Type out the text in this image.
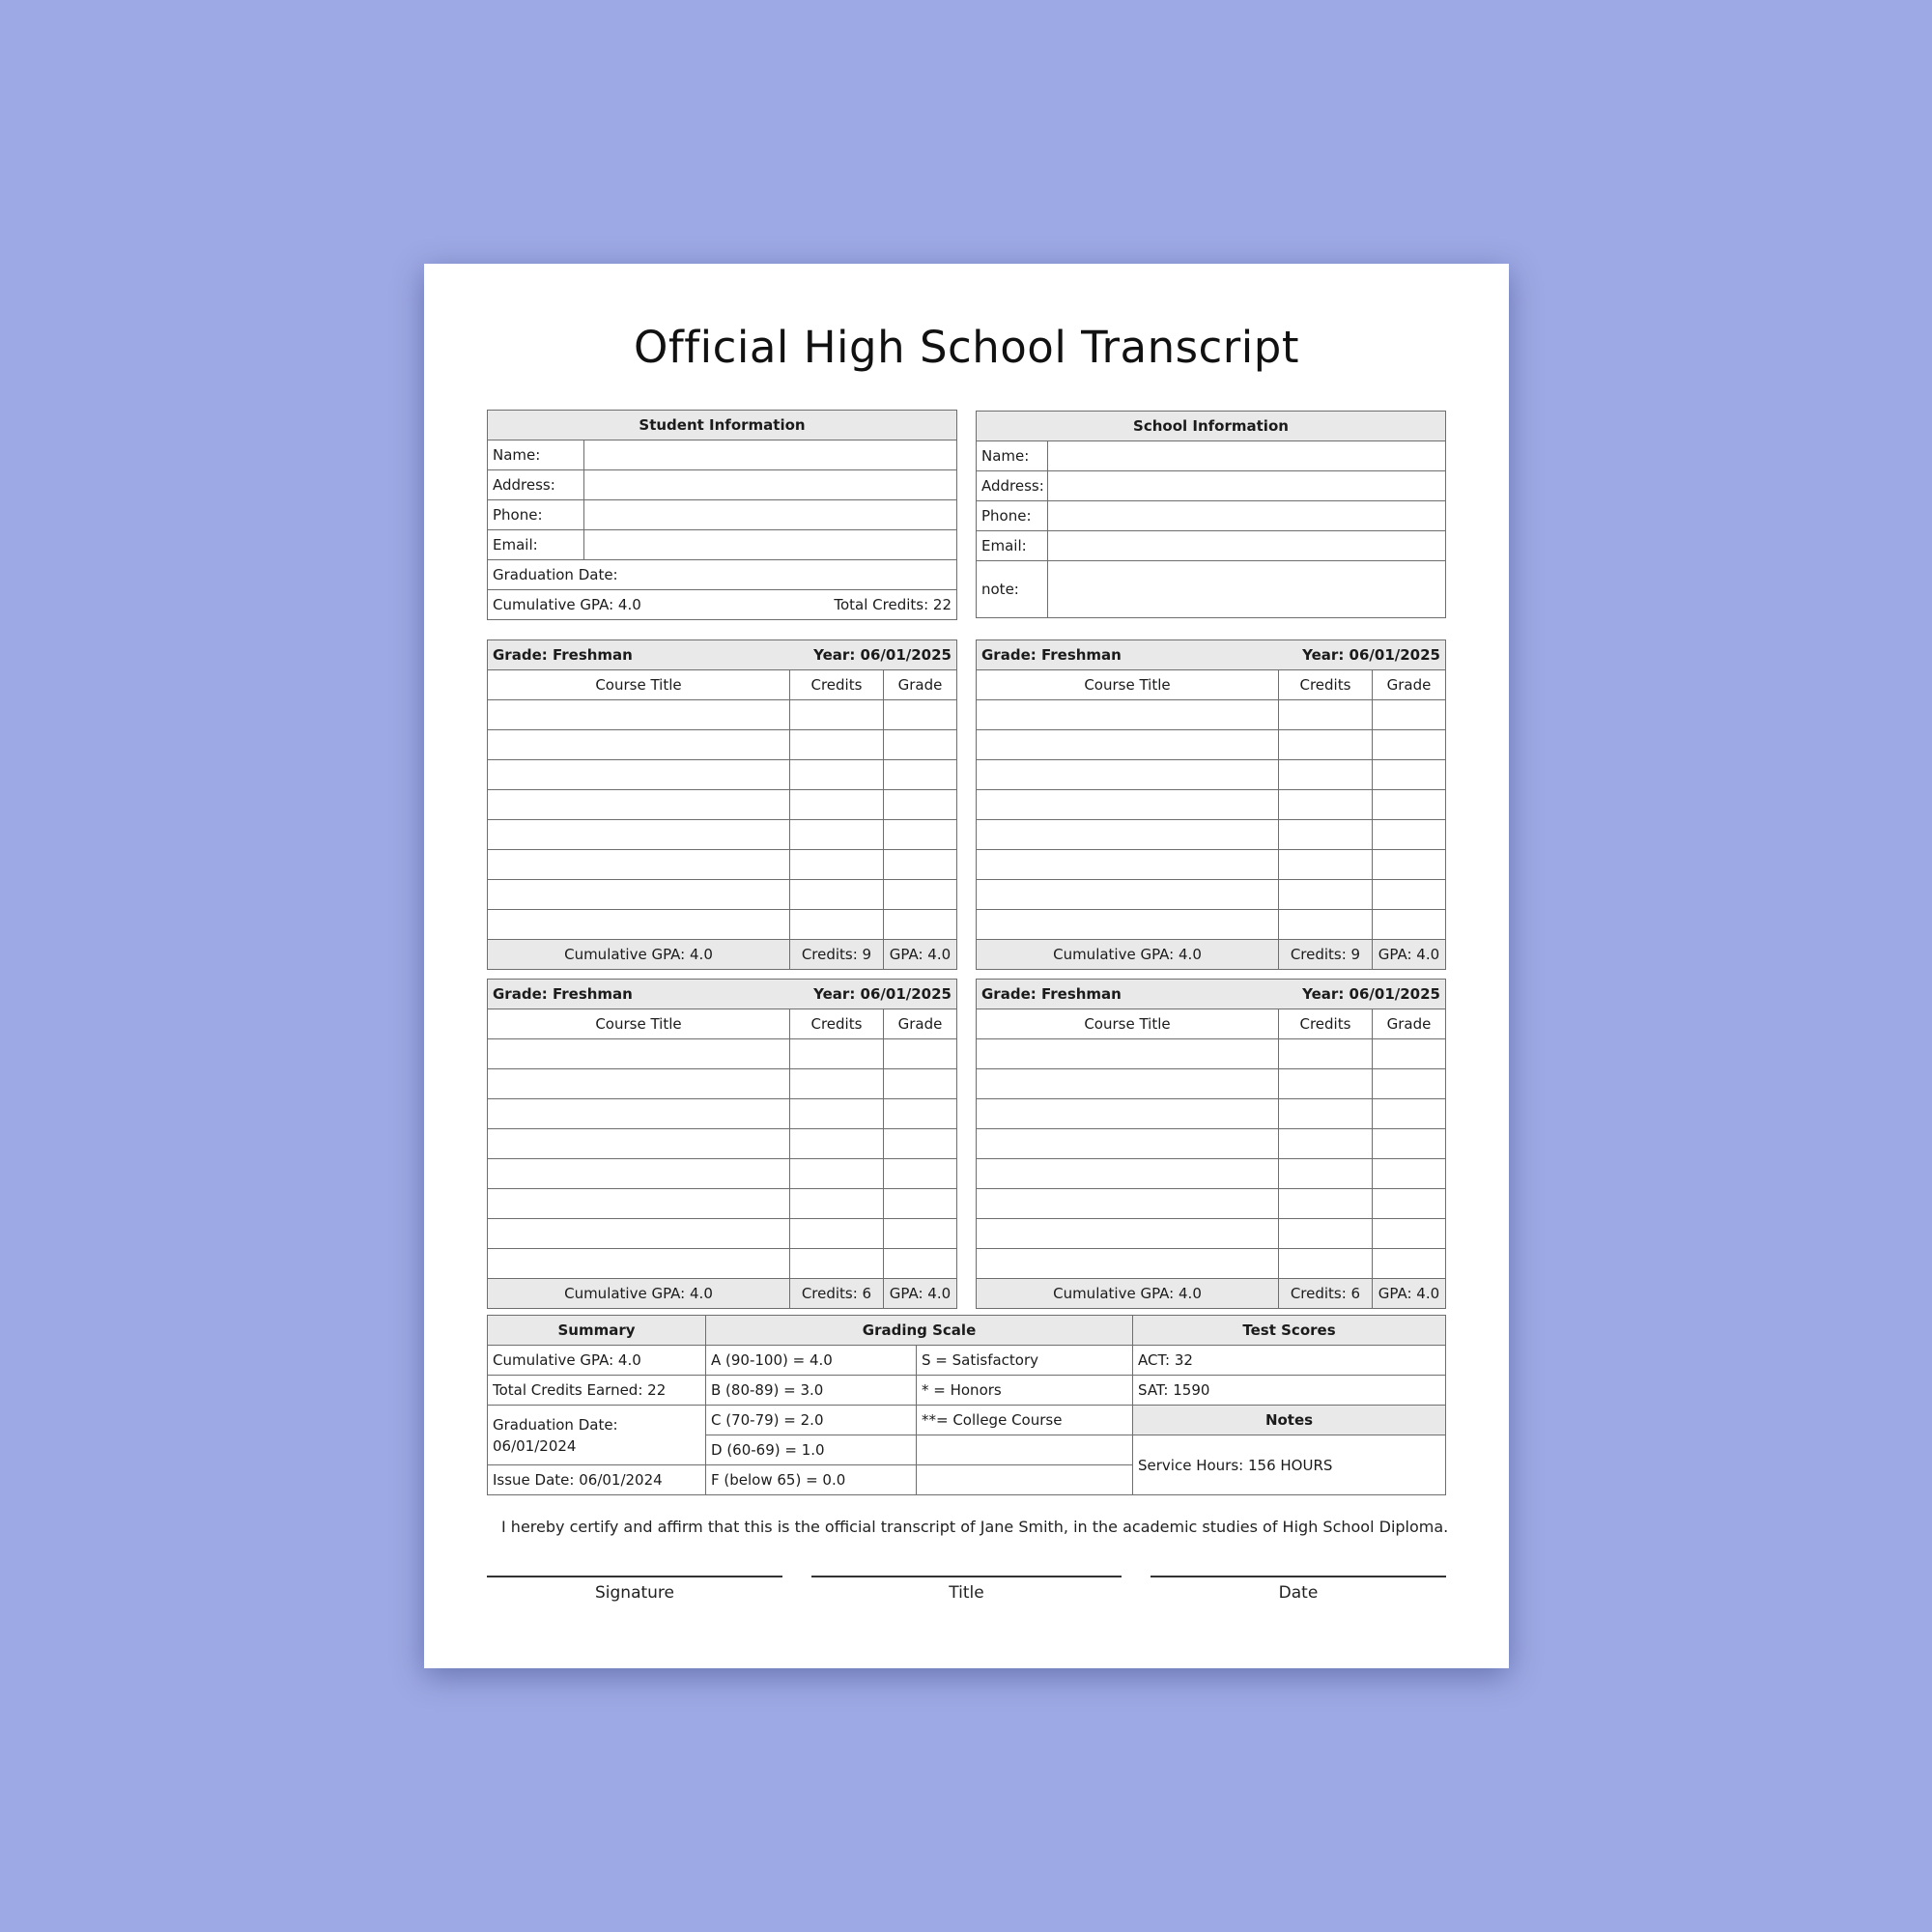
Official High School Transcript
Student Information	
Name:	
Address:	
Phone:	
Email:	
Graduation Date:	

Cumulative GPA: 4.0 Total Credits: 22	
School Information	
Name:	
Address:	
Phone:	
Email:	
note:	
Grade: Freshman Year: 06/01/2025		

Course Title	Credits	Grade

Cumulative GPA: 4.0	Credits: 9	GPA: 4.0
Grade: Freshman Year: 06/01/2025		

Course Title	Credits	Grade

Cumulative GPA: 4.0	Credits: 9	GPA: 4.0
Grade: Freshman Year: 06/01/2025		

Course Title	Credits	Grade

Cumulative GPA: 4.0	Credits: 6	GPA: 4.0
Grade: Freshman Year: 06/01/2025		

Course Title	Credits	Grade

Cumulative GPA: 4.0	Credits: 6	GPA: 4.0
Summary	Grading Scale		Test Scores
Cumulative GPA: 4.0	A (90-100) = 4.0	S = Satisfactory	ACT: 32
Total Credits Earned: 22	B (80-89) = 3.0	* = Honors	SAT: 1590

Graduation Date:
06/01/2024	C (70-79) = 2.0	**= College Course	Notes
	D (60-69) = 1.0		Service Hours: 156 HOURS
Issue Date: 06/01/2024	F (below 65) = 0.0		
I hereby certify and affirm that this is the official transcript of Jane Smith, in the academic studies of High School Diploma.
Signature	Title	Date
